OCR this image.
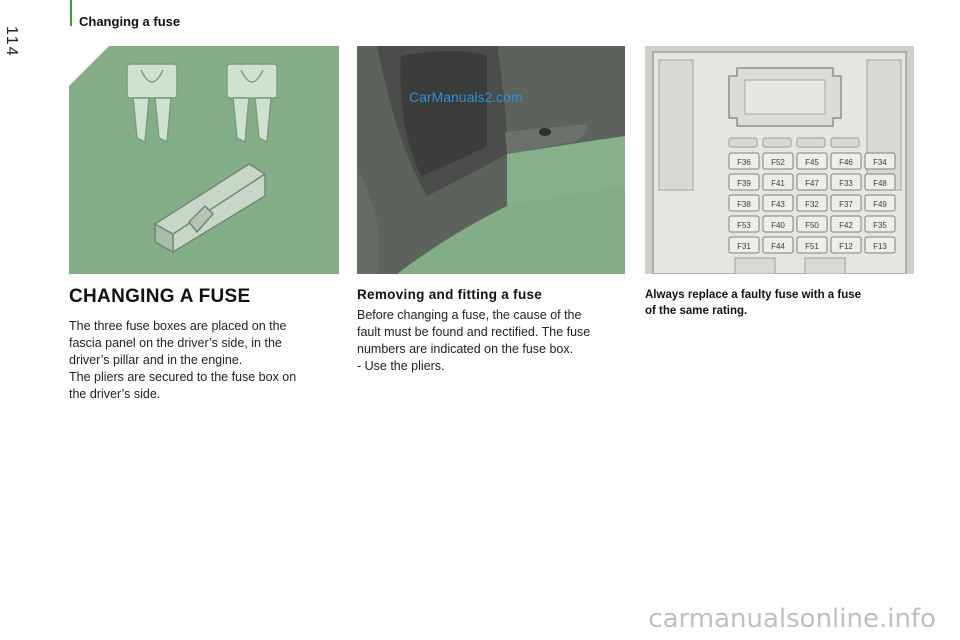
114
Changing a fuse
CarManuals2.com
F36	F52	F45	F46	F34
F39	F41	F47	F33	F48
F38	F43	F32	F37	F49
F53	F40	F50	F42	F35
F31	F44	F51	F12	F13
CHANGING A FUSE

The three fuse boxes are placed on the

fascia panel on the driver’s side, in the

driver’s pillar and in the engine.

The pliers are secured to the fuse box on

the driver’s side.

Removing and fitting a fuse

Before changing a fuse, the cause of the

fault must be found and rectified. The fuse

numbers are indicated on the fuse box.

- Use the pliers.

Always replace a faulty fuse with a fuse

of the same rating.

carmanualsonline.info
